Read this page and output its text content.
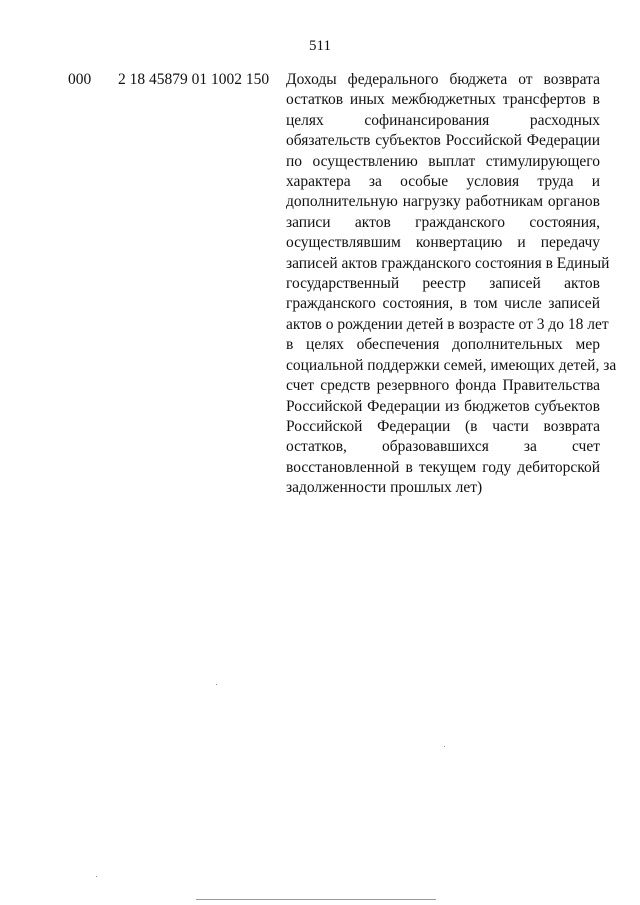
511
000 2 18 45879 01 1002 150 Доходы федерального бюджета от возврата
остатков иных межбюджетных трансфертов в
целях софинансирования расходных
обязательств субъектов Российской Федерации
по осуществлению выплат стимулирующего
характера за особые условия труда и
дополнительную нагрузку работникам органов
записи актов гражданского состояния,
осуществлявшим конвертацию и передачу
записей актов гражданского состояния в Единый
государственный реестр записей актов
гражданского состояния, в том числе записей
актов о рождении детей в возрасте от 3 до 18 лет
в целях обеспечения дополнительных мер
социальной поддержки семей, имеющих детей, за
счет средств резервного фонда Правительства
Российской Федерации из бюджетов субъектов
Российской Федерации (в части возврата
остатков, образовавшихся за счет
восстановленной в текущем году дебиторской
задолженности прошлых лет)
